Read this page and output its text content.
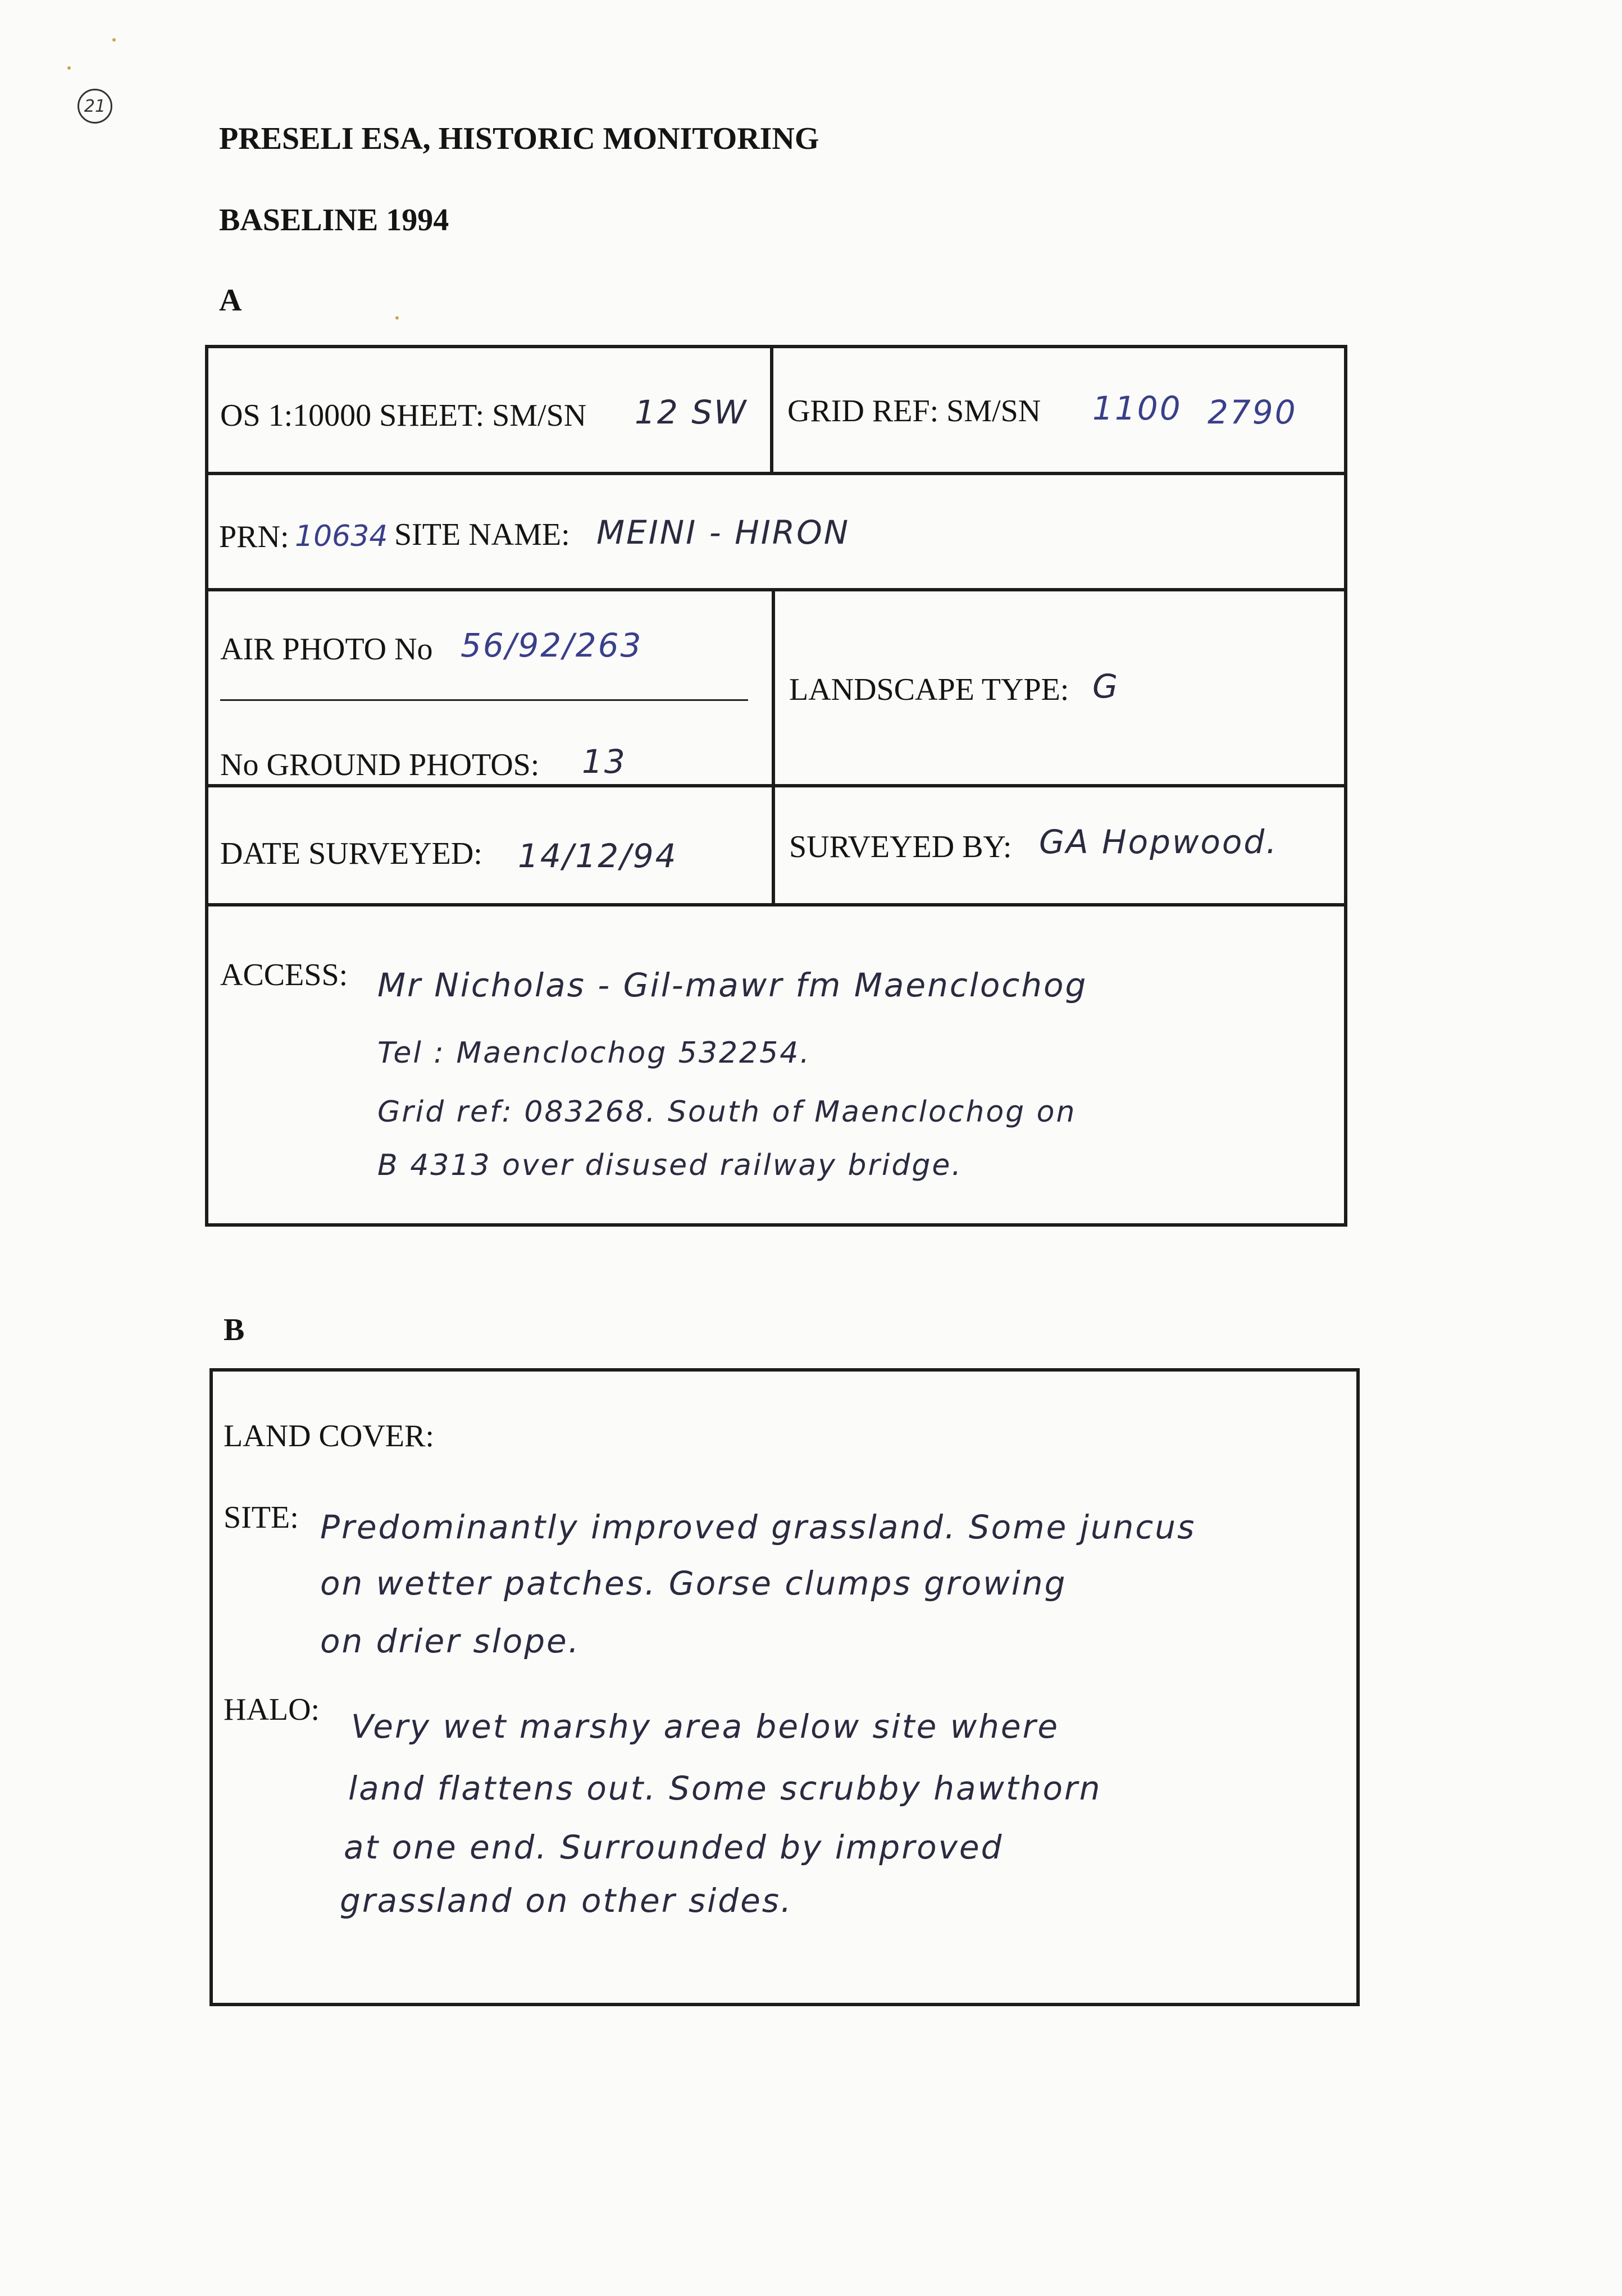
21
PRESELI ESA, HISTORIC MONITORING
BASELINE 1994
A
OS 1:10000 SHEET: SM/SN 12 SW GRID REF: SM/SN 1100 2790
PRN: 10634 SITE NAME: MEINI - HIRON
AIR PHOTO No 56/92/263
No GROUND PHOTOS: 13
LANDSCAPE TYPE: G
DATE SURVEYED: 14/12/94	SURVEYED BY: GA Hopwood.
ACCESS: Mr Nicholas - Gil-mawr fm Maenclochog
Tel : Maenclochog 532254.
Grid ref: 083268. South of Maenclochog on
B 4313 over disused railway bridge.
B
LAND COVER:
SITE: Predominantly improved grassland. Some juncus
on wetter patches. Gorse clumps growing
on drier slope.
HALO: Very wet marshy area below site where
land flattens out. Some scrubby hawthorn
at one end. Surrounded by improved
grassland on other sides.
